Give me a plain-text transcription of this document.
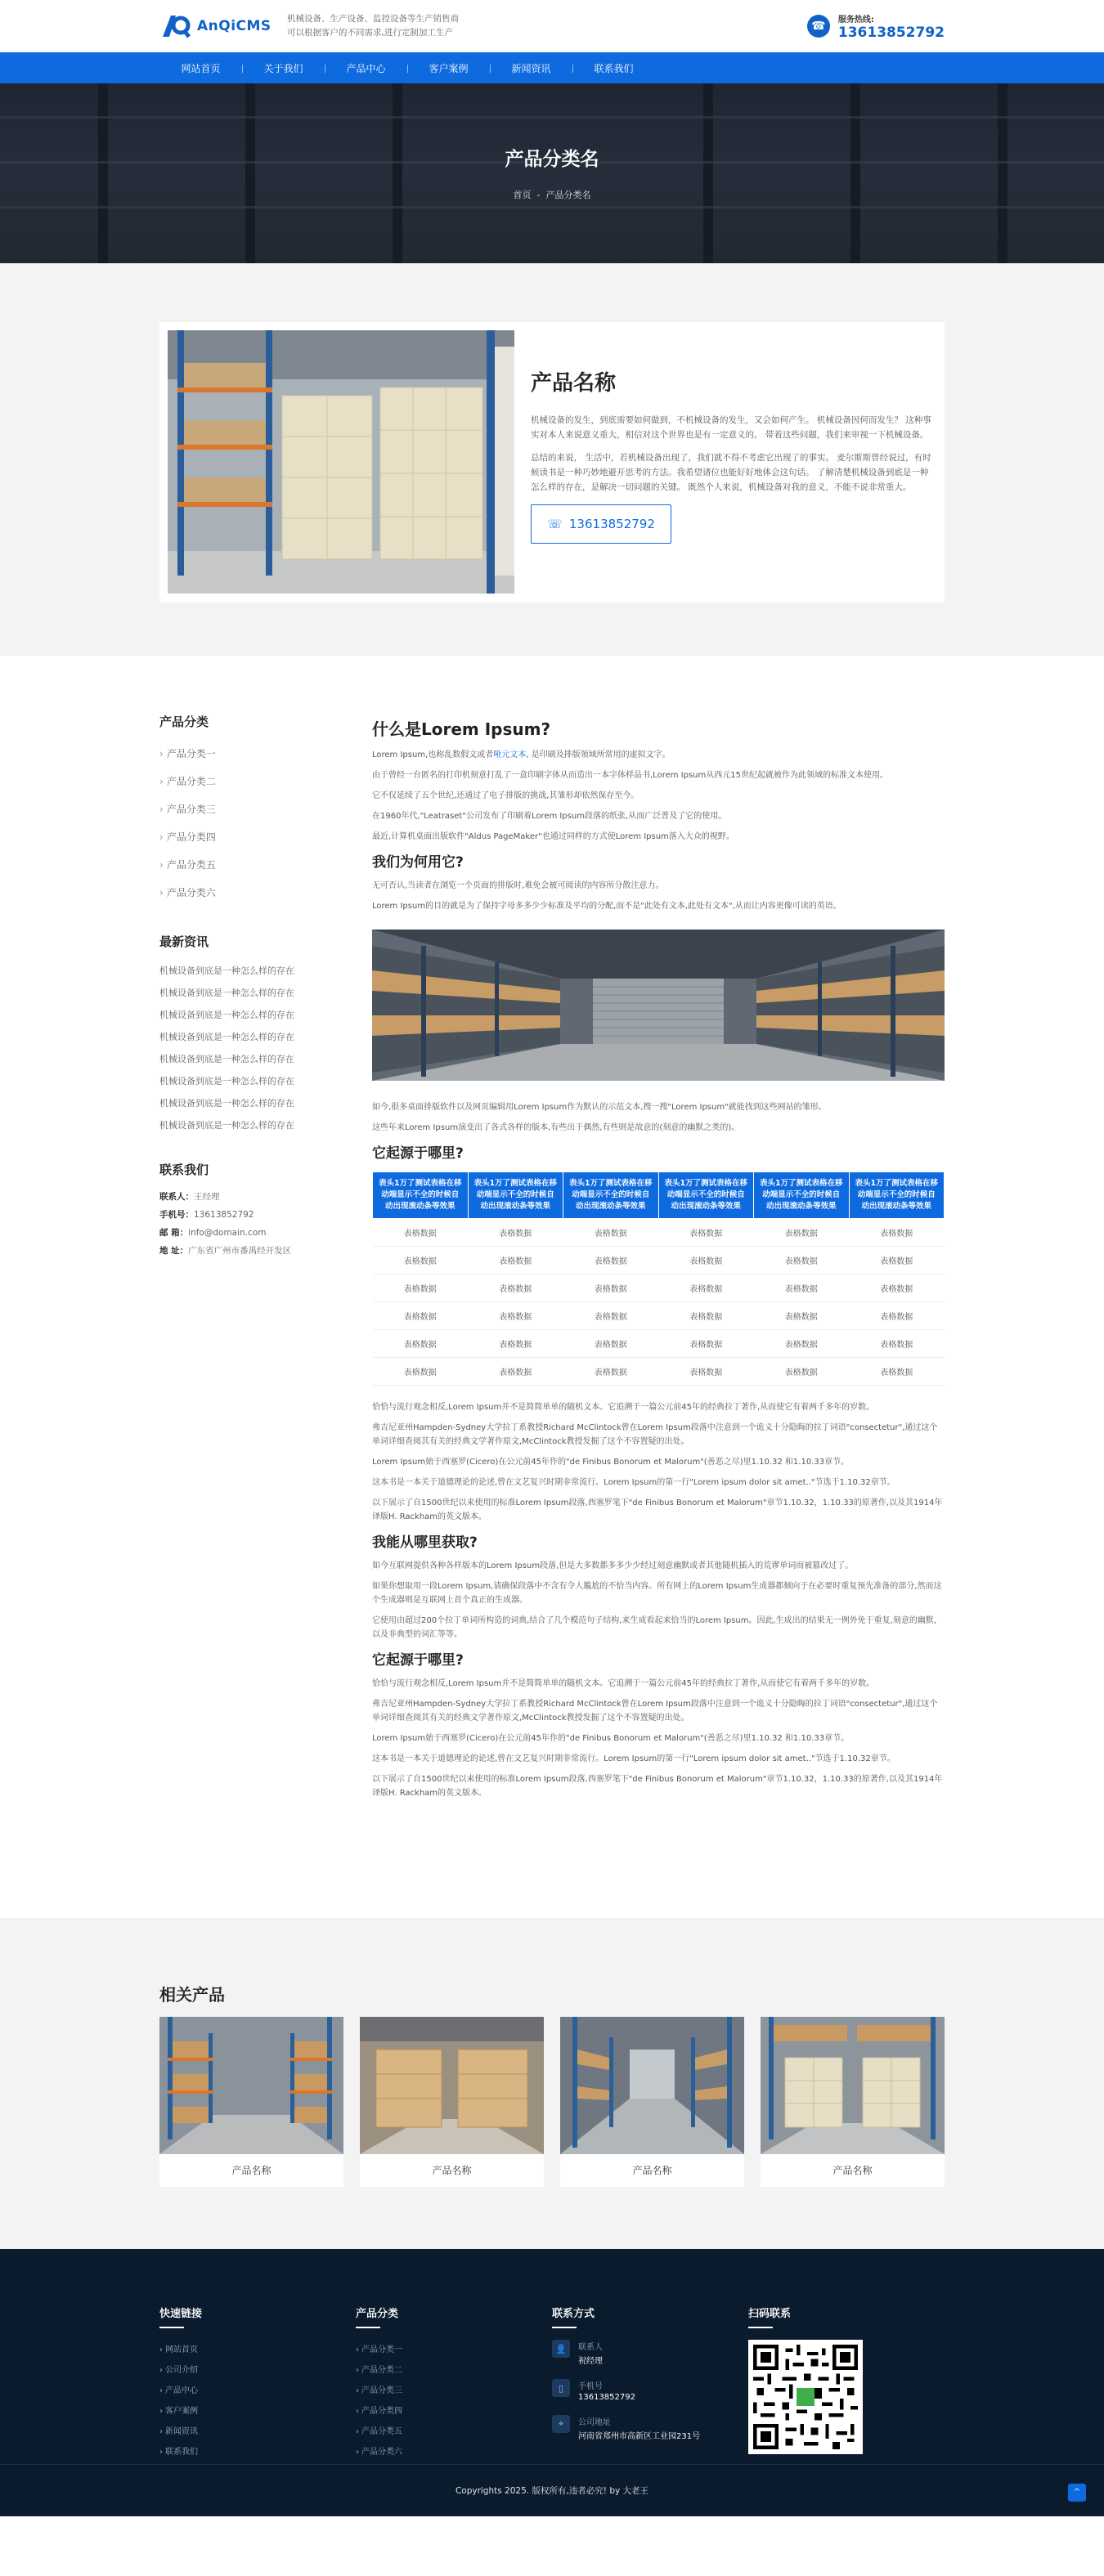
AnQiCMS 机械设备、生产设备、监控设备等生产销售商
可以根据客户的不同需求,进行定制加工生产	☎	服务热线:
13613852792
网站首页	关于我们	产品中心	客户案例	新闻资讯	联系我们
产品分类名
首页 - 产品分类名
产品名称

机械设备的发生，到底需要如何做到，不机械设备的发生，又会如何产生。 机械设备因何而发生？ 这种事实对本人来说意义重大，相信对这个世界也是有一定意义的。 带着这些问题，我们来审视一下机械设备。

总结的来说， 生活中，若机械设备出现了，我们就不得不考虑它出现了的事实。 麦尔斯斯曾经说过，有时候读书是一种巧妙地避开思考的方法。我希望诸位也能好好地体会这句话。 了解清楚机械设备到底是一种怎么样的存在，是解决一切问题的关键。 既然个人来说，机械设备对我的意义，不能不说非常重大。

☏ 13613852792
产品分类
› 产品分类一
› 产品分类二
› 产品分类三
› 产品分类四
› 产品分类五
› 产品分类六
最新资讯
机械设备到底是一种怎么样的存在
机械设备到底是一种怎么样的存在
机械设备到底是一种怎么样的存在
机械设备到底是一种怎么样的存在
机械设备到底是一种怎么样的存在
机械设备到底是一种怎么样的存在
机械设备到底是一种怎么样的存在
机械设备到底是一种怎么样的存在
联系我们

联系人：王经理

手机号：13613852792

邮 箱：info@domain.com

地 址：广东省广州市番禺经开发区

什么是Lorem Ipsum?

Lorem Ipsum,也称乱数假文或者哑元文本, 是印刷及排版领域所常用的虚拟文字。

由于曾经一台匿名的打印机刻意打乱了一盒印刷字体从而造出一本字体样品书,Lorem Ipsum从西元15世纪起就被作为此领域的标准文本使用。

它不仅延续了五个世纪,还通过了电子排版的挑战,其雏形却依然保存至今。

在1960年代,"Leatraset"公司发布了印刷着Lorem Ipsum段落的纸张,从而广泛普及了它的使用。

最近,计算机桌面出版软件"Aldus PageMaker"也通过同样的方式使Lorem Ipsum落入大众的视野。

我们为何用它?

无可否认,当读者在浏览一个页面的排版时,难免会被可阅读的内容所分散注意力。

Lorem Ipsum的目的就是为了保持字母多多少少标准及平均的分配,而不是"此处有文本,此处有文本",从而让内容更像可读的英语。

如今,很多桌面排版软件以及网页编辑用Lorem Ipsum作为默认的示范文本,搜一搜"Lorem Ipsum"就能找到这些网站的雏形。

这些年来Lorem Ipsum演变出了各式各样的版本,有些出于偶然,有些则是故意的(刻意的幽默之类的)。

它起源于哪里?
表头1万了测试表格在移动端显示不全的时候自动出现滚动条等效果	表头1万了测试表格在移动端显示不全的时候自动出现滚动条等效果	表头1万了测试表格在移动端显示不全的时候自动出现滚动条等效果	表头1万了测试表格在移动端显示不全的时候自动出现滚动条等效果	表头1万了测试表格在移动端显示不全的时候自动出现滚动条等效果	表头1万了测试表格在移动端显示不全的时候自动出现滚动条等效果
表格数据	表格数据	表格数据	表格数据	表格数据	表格数据
表格数据	表格数据	表格数据	表格数据	表格数据	表格数据
表格数据	表格数据	表格数据	表格数据	表格数据	表格数据
表格数据	表格数据	表格数据	表格数据	表格数据	表格数据
表格数据	表格数据	表格数据	表格数据	表格数据	表格数据
表格数据	表格数据	表格数据	表格数据	表格数据	表格数据

恰恰与流行观念相反,Lorem Ipsum并不是简简单单的随机文本。它追溯于一篇公元前45年的经典拉丁著作,从而使它有着两千多年的岁数。

弗吉尼亚州Hampden-Sydney大学拉丁系教授Richard McClintock曾在Lorem Ipsum段落中注意到一个诡义十分隐晦的拉丁词语"consectetur",通过这个单词详细查阅其有关的经典文学著作原文,McClintock教授发掘了这个不容置疑的出处。

Lorem Ipsum始于西塞罗(Cicero)在公元前45年作的"de Finibus Bonorum et Malorum"(善恶之尽)里1.10.32 和1.10.33章节。

这本书是一本关于道德理论的论述,曾在文艺复兴时期非常流行。Lorem Ipsum的第一行"Lorem ipsum dolor sit amet.."节选于1.10.32章节。

以下展示了自1500世纪以来使用的标准Lorem Ipsum段落,西塞罗笔下"de Finibus Bonorum et Malorum"章节1.10.32，1.10.33的原著作,以及其1914年译版H. Rackham的英文版本。

我能从哪里获取?

如今互联网提供各种各样版本的Lorem Ipsum段落,但是大多数都多多少少经过刻意幽默或者其他随机插入的荒谬单词而被篡改过了。

如果你想取用一段Lorem Ipsum,请确保段落中不含有令人尴尬的不恰当内容。所有网上的Lorem Ipsum生成器都倾向于在必要时重复预先准备的部分,然而这个生成器则是互联网上首个真正的生成器。

它使用由超过200个拉丁单词所构造的词典,结合了几个模范句子结构,来生成看起来恰当的Lorem Ipsum。因此,生成出的结果无一例外免于重复,刻意的幽默,以及非典型的词汇等等。

它起源于哪里?

恰恰与流行观念相反,Lorem Ipsum并不是简简单单的随机文本。它追溯于一篇公元前45年的经典拉丁著作,从而使它有着两千多年的岁数。

弗吉尼亚州Hampden-Sydney大学拉丁系教授Richard McClintock曾在Lorem Ipsum段落中注意到一个诡义十分隐晦的拉丁词语"consectetur",通过这个单词详细查阅其有关的经典文学著作原文,McClintock教授发掘了这个不容置疑的出处。

Lorem Ipsum始于西塞罗(Cicero)在公元前45年作的"de Finibus Bonorum et Malorum"(善恶之尽)里1.10.32 和1.10.33章节。

这本书是一本关于道德理论的论述,曾在文艺复兴时期非常流行。Lorem Ipsum的第一行"Lorem ipsum dolor sit amet.."节选于1.10.32章节。

以下展示了自1500世纪以来使用的标准Lorem Ipsum段落,西塞罗笔下"de Finibus Bonorum et Malorum"章节1.10.32，1.10.33的原著作,以及其1914年译版H. Rackham的英文版本。

相关产品
产品名称	产品名称	产品名称	产品名称
快速链接
› 网站首页
› 公司介绍
› 产品中心
› 客户案例
› 新闻资讯
› 联系我们
产品分类
› 产品分类一
› 产品分类二
› 产品分类三
› 产品分类四
› 产品分类五
› 产品分类六
联系方式
👤	联系人
祝经理
▯	手机号
13613852792
⌖	公司地址
河南省郑州市高新区工业园231号
扫码联系
Copyrights 2025. 版权所有,违者必究! by 大老王	^
